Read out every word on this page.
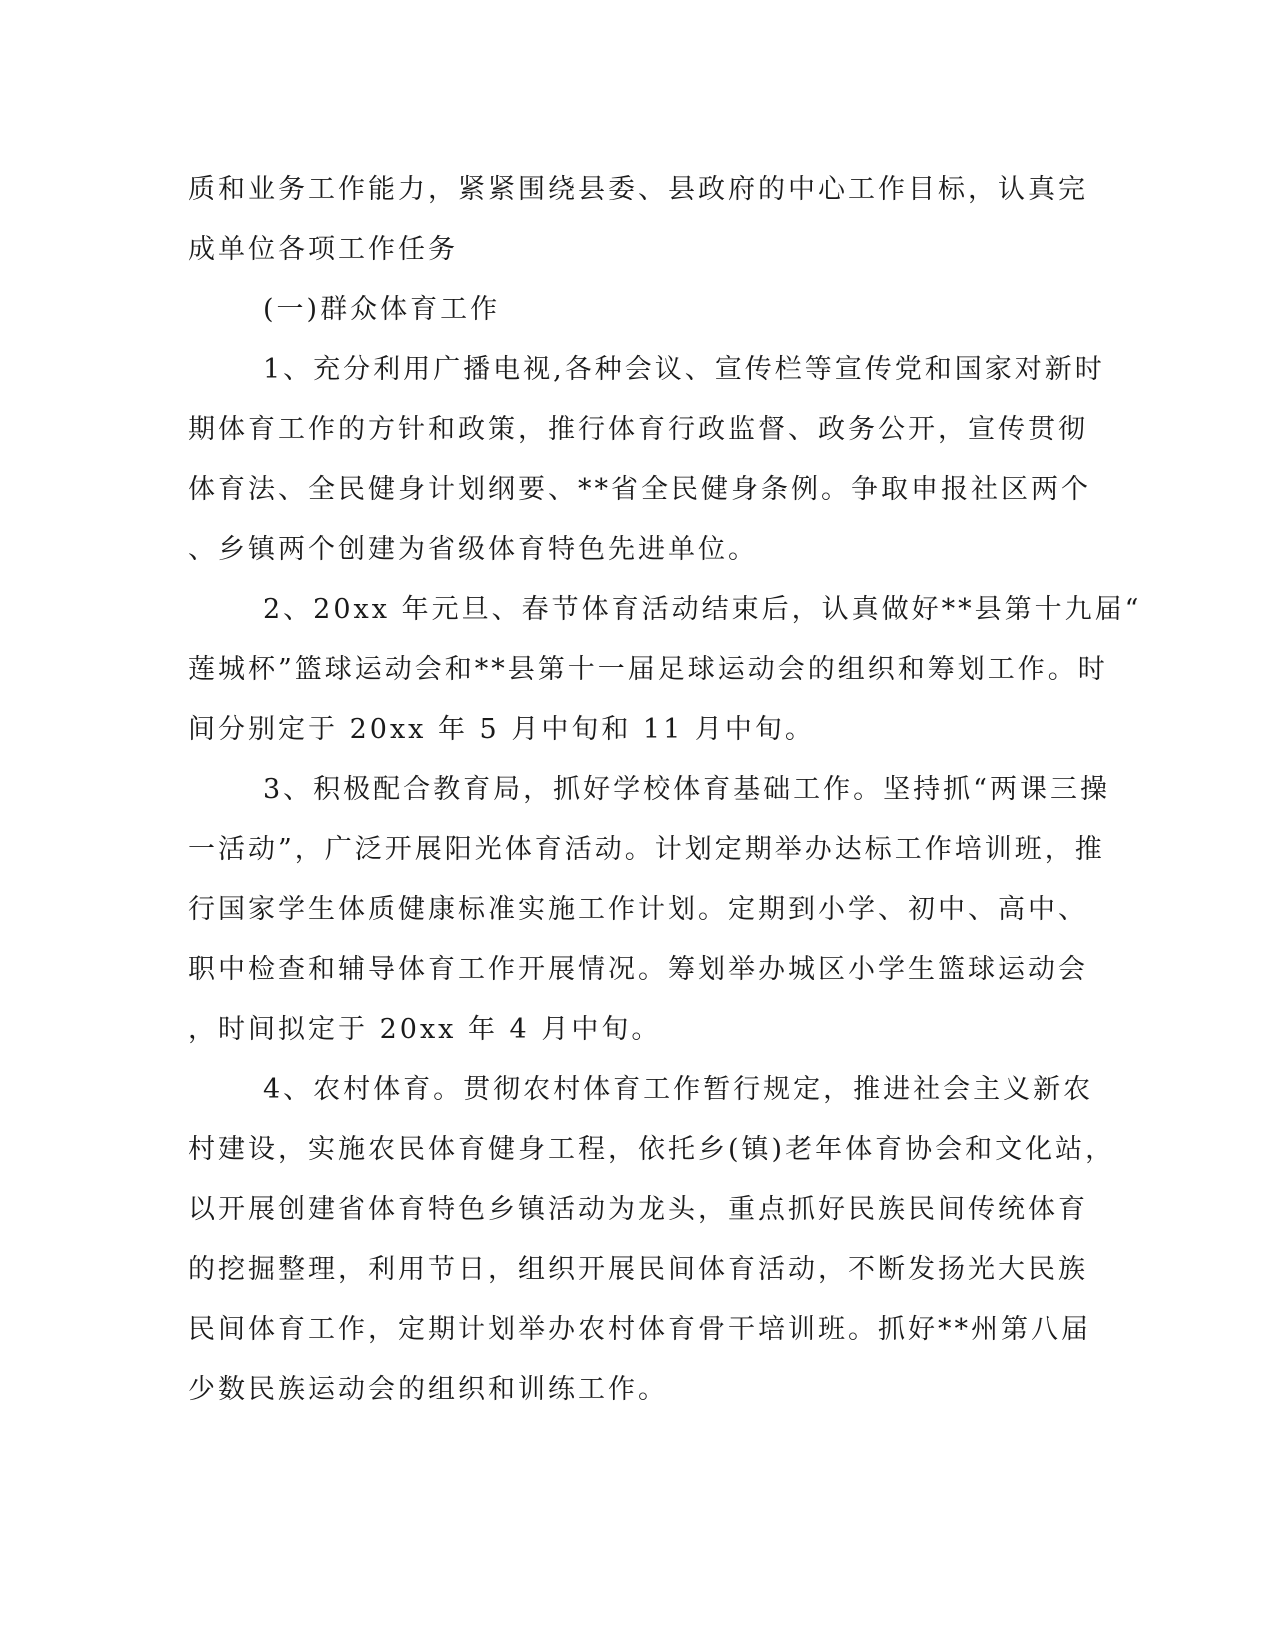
质和业务工作能力，紧紧围绕县委、县政府的中心工作目标，认真完
成单位各项工作任务
(一)群众体育工作
1、充分利用广播电视,各种会议、宣传栏等宣传党和国家对新时
期体育工作的方针和政策，推行体育行政监督、政务公开，宣传贯彻
体育法、全民健身计划纲要、**省全民健身条例。争取申报社区两个
、乡镇两个创建为省级体育特色先进单位。
2、20xx 年元旦、春节体育活动结束后，认真做好**县第十九届“
莲城杯”篮球运动会和**县第十一届足球运动会的组织和筹划工作。时
间分别定于 20xx 年 5 月中旬和 11 月中旬。
3、积极配合教育局，抓好学校体育基础工作。坚持抓“两课三操
一活动”，广泛开展阳光体育活动。计划定期举办达标工作培训班，推
行国家学生体质健康标准实施工作计划。定期到小学、初中、高中、
职中检查和辅导体育工作开展情况。筹划举办城区小学生篮球运动会
，时间拟定于 20xx 年 4 月中旬。
4、农村体育。贯彻农村体育工作暂行规定，推进社会主义新农
村建设，实施农民体育健身工程，依托乡(镇)老年体育协会和文化站，
以开展创建省体育特色乡镇活动为龙头，重点抓好民族民间传统体育
的挖掘整理，利用节日，组织开展民间体育活动，不断发扬光大民族
民间体育工作，定期计划举办农村体育骨干培训班。抓好**州第八届
少数民族运动会的组织和训练工作。
